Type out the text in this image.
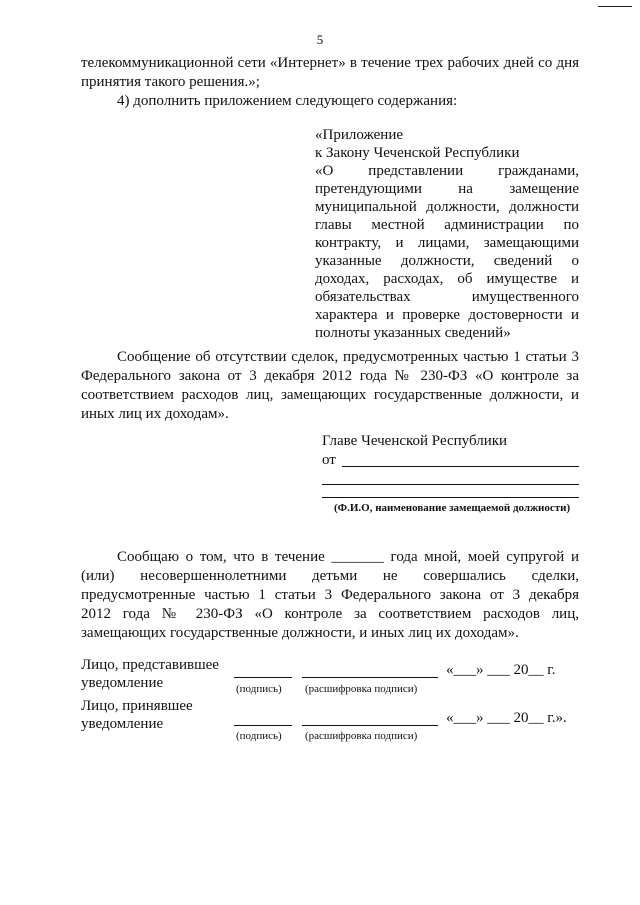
5
телекоммуникационной сети «Интернет» в течение трех рабочих дней со дня
принятия такого решения.»;
4) дополнить приложением следующего содержания:
«Приложение
к Закону Чеченской Республики
«О представлении гражданами,
претендующими на замещение
муниципальной должности, должности
главы местной администрации по
контракту, и лицами, замещающими
указанные должности, сведений о
доходах, расходах, об имуществе и
обязательствах имущественного
характера и проверке достоверности и
полноты указанных сведений»
Сообщение об отсутствии сделок, предусмотренных частью 1 статьи 3
Федерального закона от 3 декабря 2012 года № 230-ФЗ «О контроле за
соответствием расходов лиц, замещающих государственные должности, и
иных лиц их доходам».
Главе Чеченской Республики
от
(Ф.И.О, наименование замещаемой должности)
Сообщаю о том, что в течение _______ года мной, моей супругой и
(или) несовершеннолетними детьми не совершались сделки,
предусмотренные частью 1 статьи 3 Федерального закона от 3 декабря
2012 года № 230-ФЗ «О контроле за соответствием расходов лиц,
замещающих государственные должности, и иных лиц их доходам».
Лицо, представившее
уведомление
«___» ___ 20__ г.
(подпись) (расшифровка подписи)
Лицо, принявшее
уведомление	«___» ___ 20__ г.».
(подпись) (расшифровка подписи)
